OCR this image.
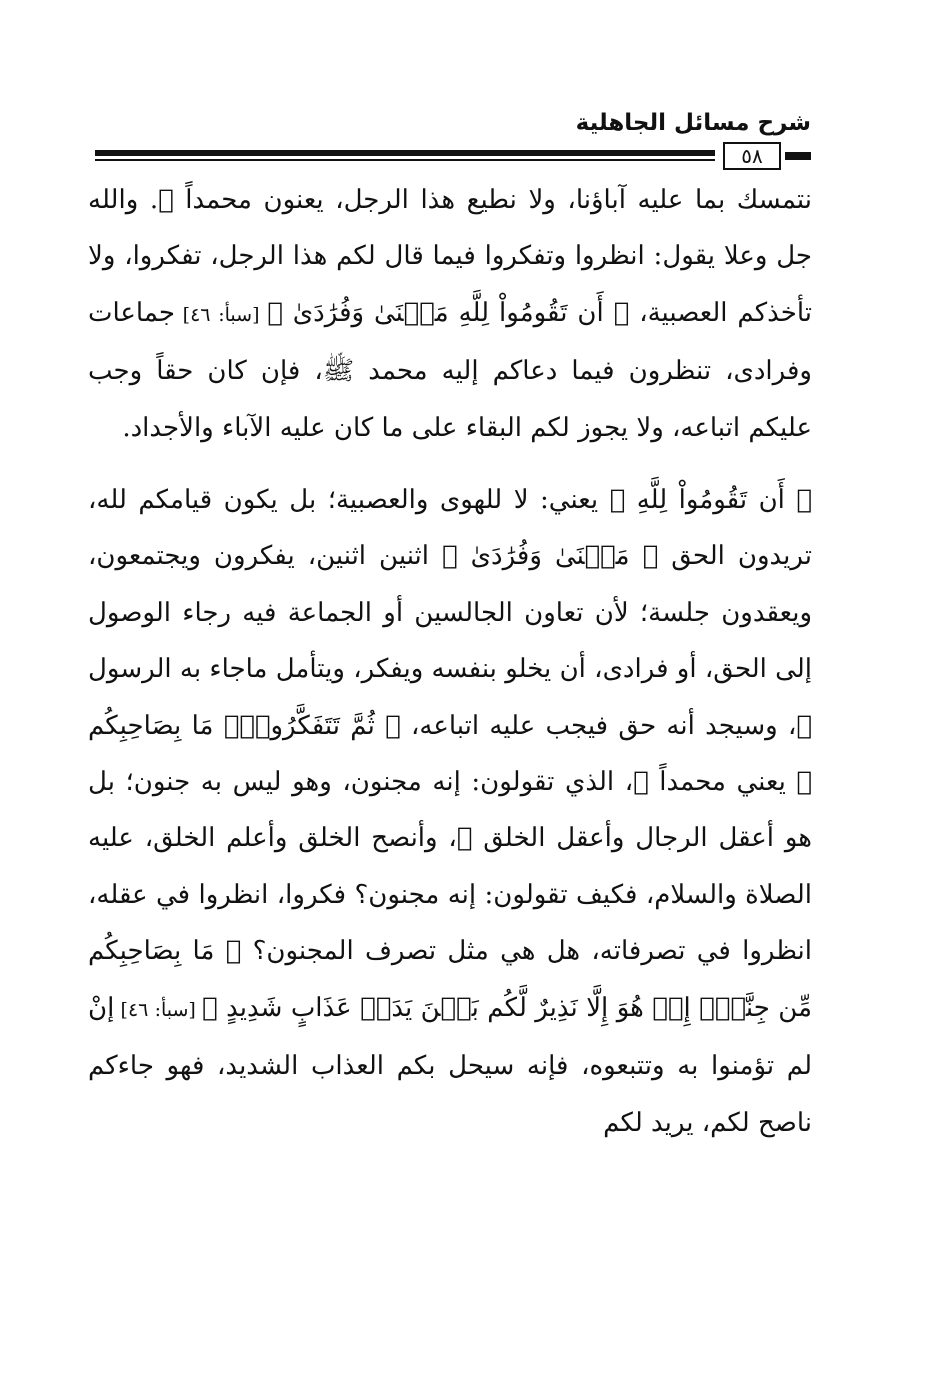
شرح مسائل الجاهلية
٥٨

نتمسك بما عليه آباؤنا، ولا نطيع هذا الرجل، يعنون محمداً ﷺ. والله جل وعلا يقول: انظروا وتفكروا فيما قال لكم هذا الرجل، تفكروا، ولا تأخذكم العصبية، ﴿ أَن تَقُومُواْ لِلَّهِ مَثۡنَىٰ وَفُرَٰدَىٰ ﴾ [سبأ: ٤٦] جماعات وفرادى، تنظرون فيما دعاكم إليه محمد ﷺ، فإن كان حقاً وجب عليكم اتباعه، ولا يجوز لكم البقاء على ما كان عليه الآباء والأجداد.

﴿ أَن تَقُومُواْ لِلَّهِ ﴾ يعني: لا للهوى والعصبية؛ بل يكون قيامكم لله، تريدون الحق ﴿ مَثۡنَىٰ وَفُرَٰدَىٰ ﴾ اثنين اثنين، يفكرون ويجتمعون، ويعقدون جلسة؛ لأن تعاون الجالسين أو الجماعة فيه رجاء الوصول إلى الحق، أو فرادى، أن يخلو بنفسه ويفكر، ويتأمل ماجاء به الرسول ﷺ، وسيجد أنه حق فيجب عليه اتباعه، ﴿ ثُمَّ تَتَفَكَّرُواْۚ مَا بِصَاحِبِكُم ﴾ يعني محمداً ﷺ، الذي تقولون: إنه مجنون، وهو ليس به جنون؛ بل هو أعقل الرجال وأعقل الخلق ﷺ، وأنصح الخلق وأعلم الخلق، عليه الصلاة والسلام، فكيف تقولون: إنه مجنون؟ فكروا، انظروا في عقله، انظروا في تصرفاته، هل هي مثل تصرف المجنون؟ ﴿ مَا بِصَاحِبِكُم مِّن جِنَّةٍۚ إِنۡ هُوَ إِلَّا نَذِيرٌ لَّكُم بَيۡنَ يَدَيۡ عَذَابٍ شَدِيدٍ ﴾ [سبأ: ٤٦] إنْ لم تؤمنوا به وتتبعوه، فإنه سيحل بكم العذاب الشديد، فهو جاءكم ناصح لكم، يريد لكم
